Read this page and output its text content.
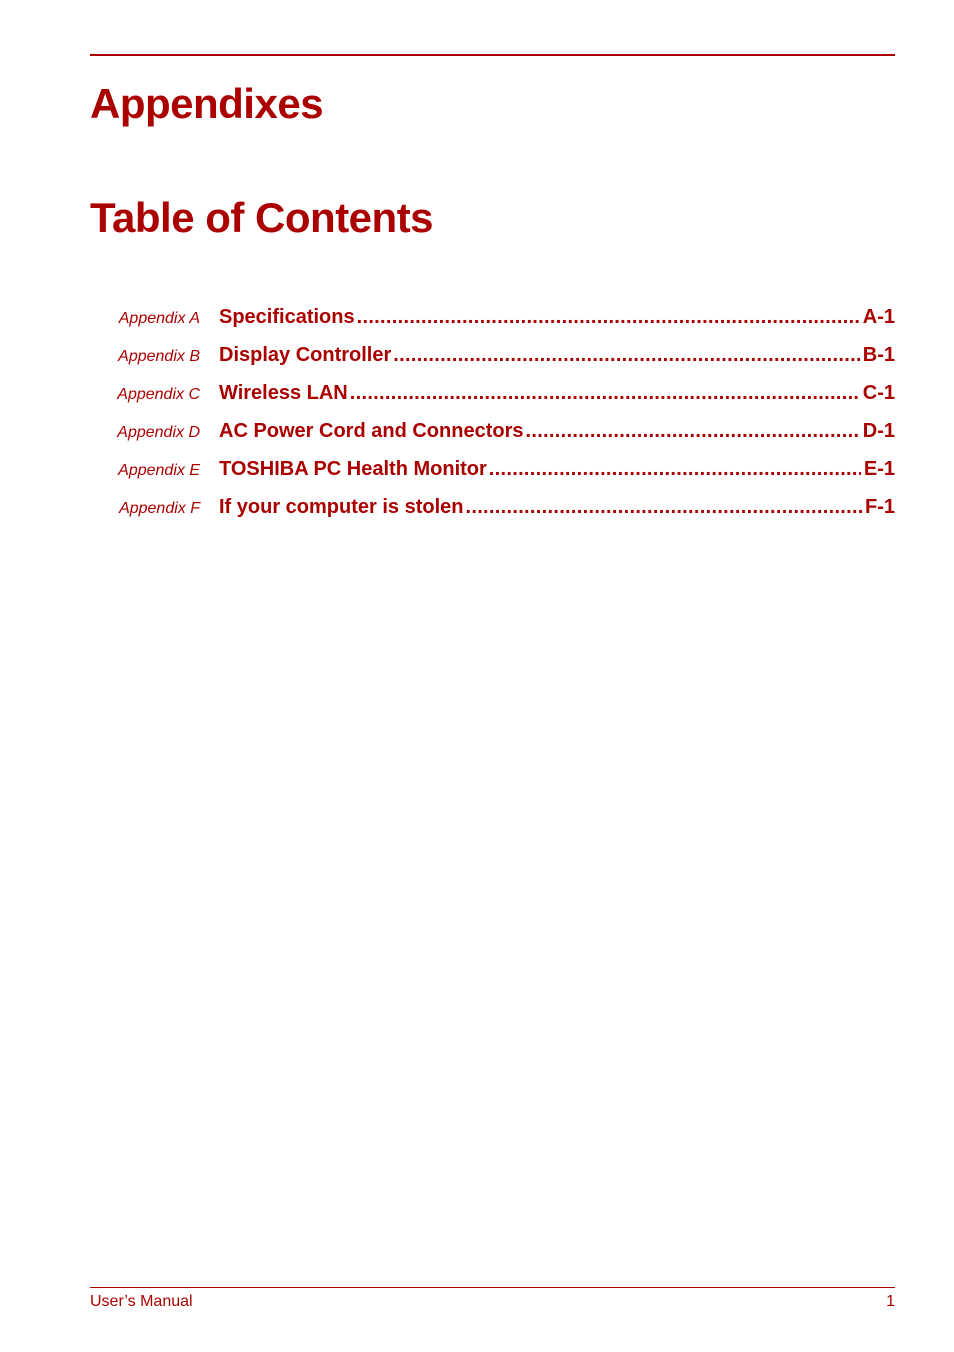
Appendixes
Table of Contents
Appendix A Specifications .....	A-1
Appendix B Display Controller .....	B-1
Appendix C Wireless LAN .....	C-1
Appendix D AC Power Cord and Connectors .....	D-1
Appendix E TOSHIBA PC Health Monitor .....	E-1
Appendix F If your computer is stolen .....	F-1
User’s Manual	1
